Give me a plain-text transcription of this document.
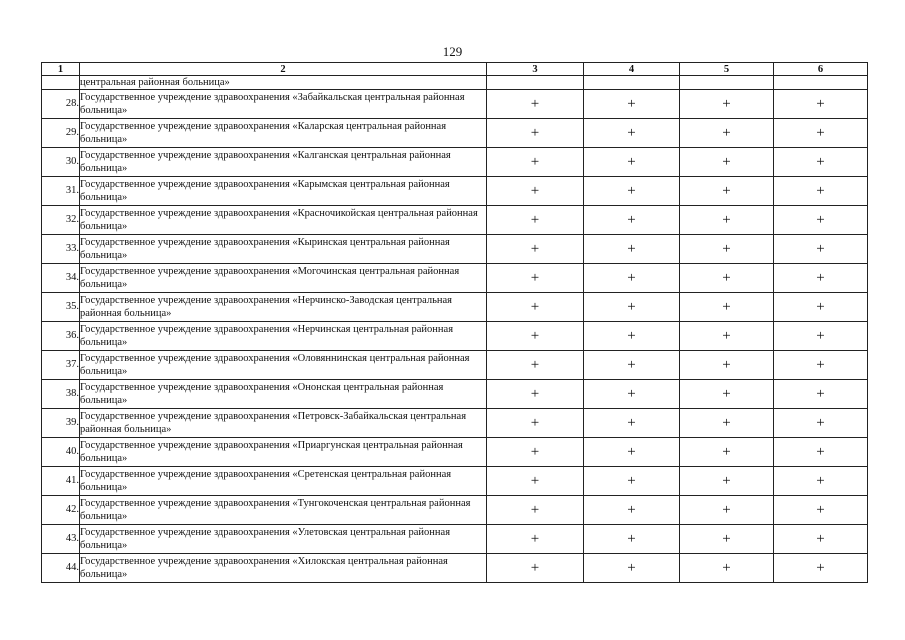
129
1	2	3	4	5	6
	центральная районная больница»				
28.	Государственное учреждение здравоохранения «Забайкальская центральная районная больница»	+	+	+	+
29.	Государственное учреждение здравоохранения «Каларская центральная районная больница»	+	+	+	+
30.	Государственное учреждение здравоохранения «Калганская центральная районная больница»	+	+	+	+
31.	Государственное учреждение здравоохранения «Карымская центральная районная больница»	+	+	+	+
32.	Государственное учреждение здравоохранения «Красночикойская центральная районная больница»	+	+	+	+
33.	Государственное учреждение здравоохранения «Кыринская центральная районная больница»	+	+	+	+
34.	Государственное учреждение здравоохранения «Могочинская центральная районная больница»	+	+	+	+
35.	Государственное учреждение здравоохранения «Нерчинско-Заводская центральная районная больница»	+	+	+	+
36.	Государственное учреждение здравоохранения «Нерчинская центральная районная больница»	+	+	+	+
37.	Государственное учреждение здравоохранения «Оловяннинская центральная районная больница»	+	+	+	+
38.	Государственное учреждение здравоохранения «Ононская центральная районная больница»	+	+	+	+
39.	Государственное учреждение здравоохранения «Петровск-Забайкальская центральная районная больница»	+	+	+	+
40.	Государственное учреждение здравоохранения «Приаргунская центральная районная больница»	+	+	+	+
41.	Государственное учреждение здравоохранения «Сретенская центральная районная больница»	+	+	+	+
42.	Государственное учреждение здравоохранения «Тунгокоченская центральная районная больница»	+	+	+	+
43.	Государственное учреждение здравоохранения «Улетовская центральная районная больница»	+	+	+	+
44.	Государственное учреждение здравоохранения «Хилокская центральная районная больница»	+	+	+	+
